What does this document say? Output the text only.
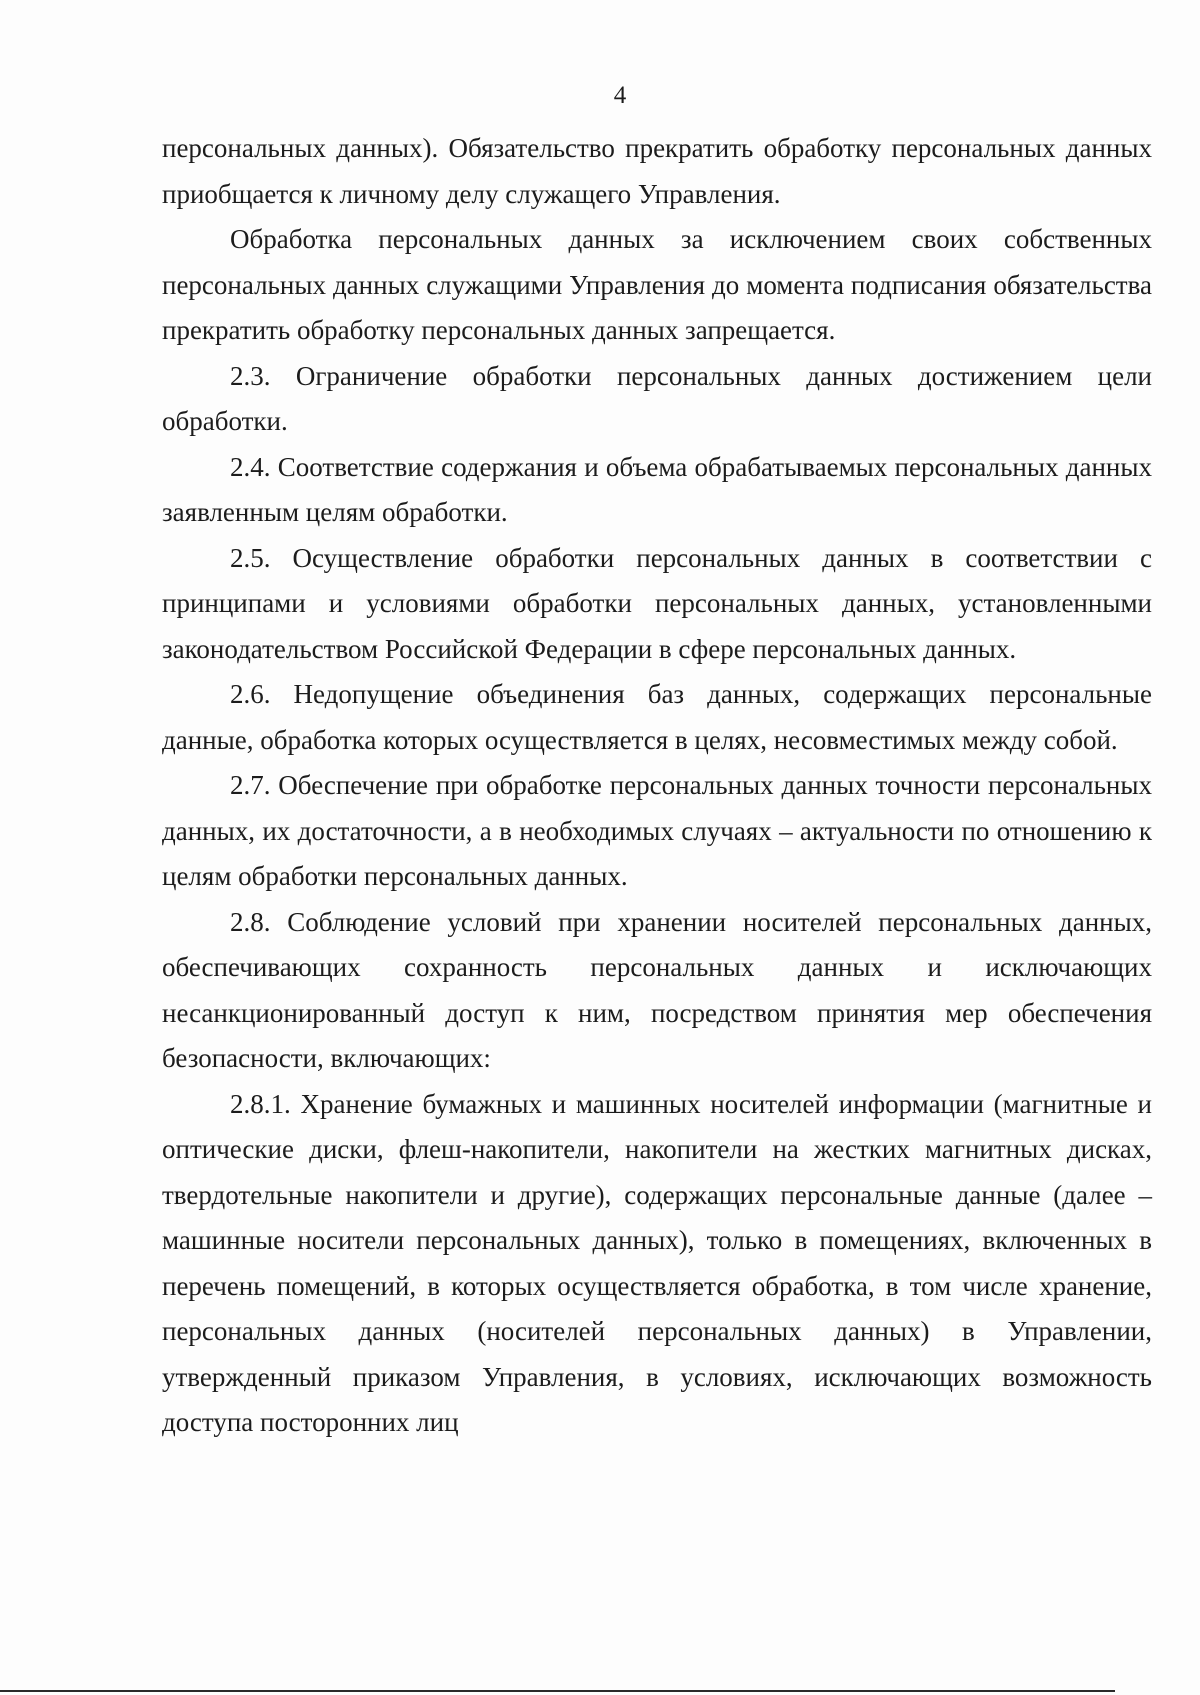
4

персональных данных). Обязательство прекратить обработку персональных данных приобщается к личному делу служащего Управления.

Обработка персональных данных за исключением своих собственных персональных данных служащими Управления до момента подписания обязательства прекратить обработку персональных данных запрещается.

2.3. Ограничение обработки персональных данных достижением цели обработки.

2.4. Соответствие содержания и объема обрабатываемых персональных данных заявленным целям обработки.

2.5. Осуществление обработки персональных данных в соответствии с принципами и условиями обработки персональных данных, установленными законодательством Российской Федерации в сфере персональных данных.

2.6. Недопущение объединения баз данных, содержащих персональные данные, обработка которых осуществляется в целях, несовместимых между собой.

2.7. Обеспечение при обработке персональных данных точности персональных данных, их достаточности, а в необходимых случаях – актуальности по отношению к целям обработки персональных данных.

2.8. Соблюдение условий при хранении носителей персональных данных, обеспечивающих сохранность персональных данных и исключающих несанкционированный доступ к ним, посредством принятия мер обеспечения безопасности, включающих:

2.8.1. Хранение бумажных и машинных носителей информации (магнитные и оптические диски, флеш-накопители, накопители на жестких магнитных дисках, твердотельные накопители и другие), содержащих персональные данные (далее – машинные носители персональных данных), только в помещениях, включенных в перечень помещений, в которых осуществляется обработка, в том числе хранение, персональных данных (носителей персональных данных) в Управлении, утвержденный приказом Управления, в условиях, исключающих возможность доступа посторонних лиц
